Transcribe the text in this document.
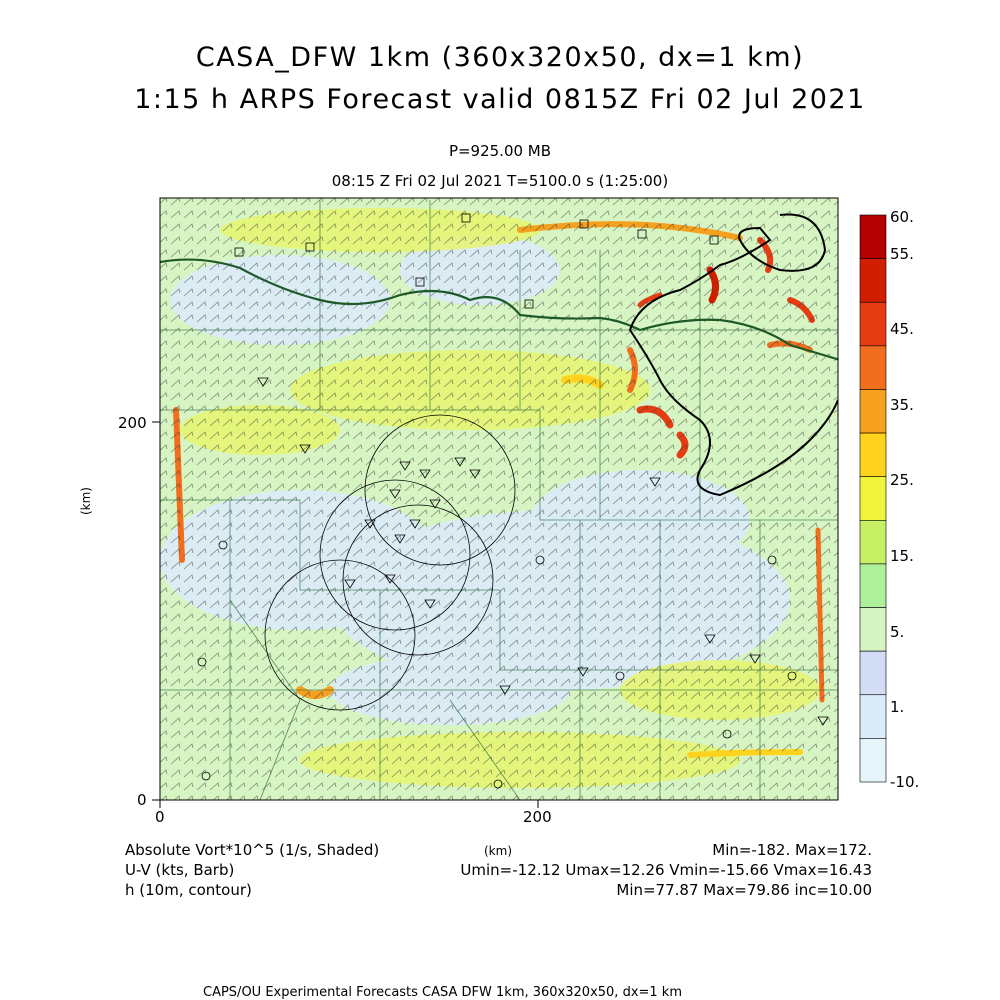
CASA_DFW 1km (360x320x50, dx=1 km)
1:15 h ARPS Forecast valid 0815Z Fri 02 Jul 2021
P=925.00 MB
08:15 Z Fri 02 Jul 2021 T=5100.0 s (1:25:00)
0	200
0
200
(km)
(km)
60.
55.
45.
35.
25.
15.
5.
1.
-10.
Absolute Vort*10^5 (1/s, Shaded)	Min=-182. Max=172.
U-V (kts, Barb)	Umin=-12.12 Umax=12.26 Vmin=-15.66 Vmax=16.43
h (10m, contour)	Min=77.87 Max=79.86 inc=10.00
CAPS/OU Experimental Forecasts CASA DFW 1km, 360x320x50, dx=1 km
